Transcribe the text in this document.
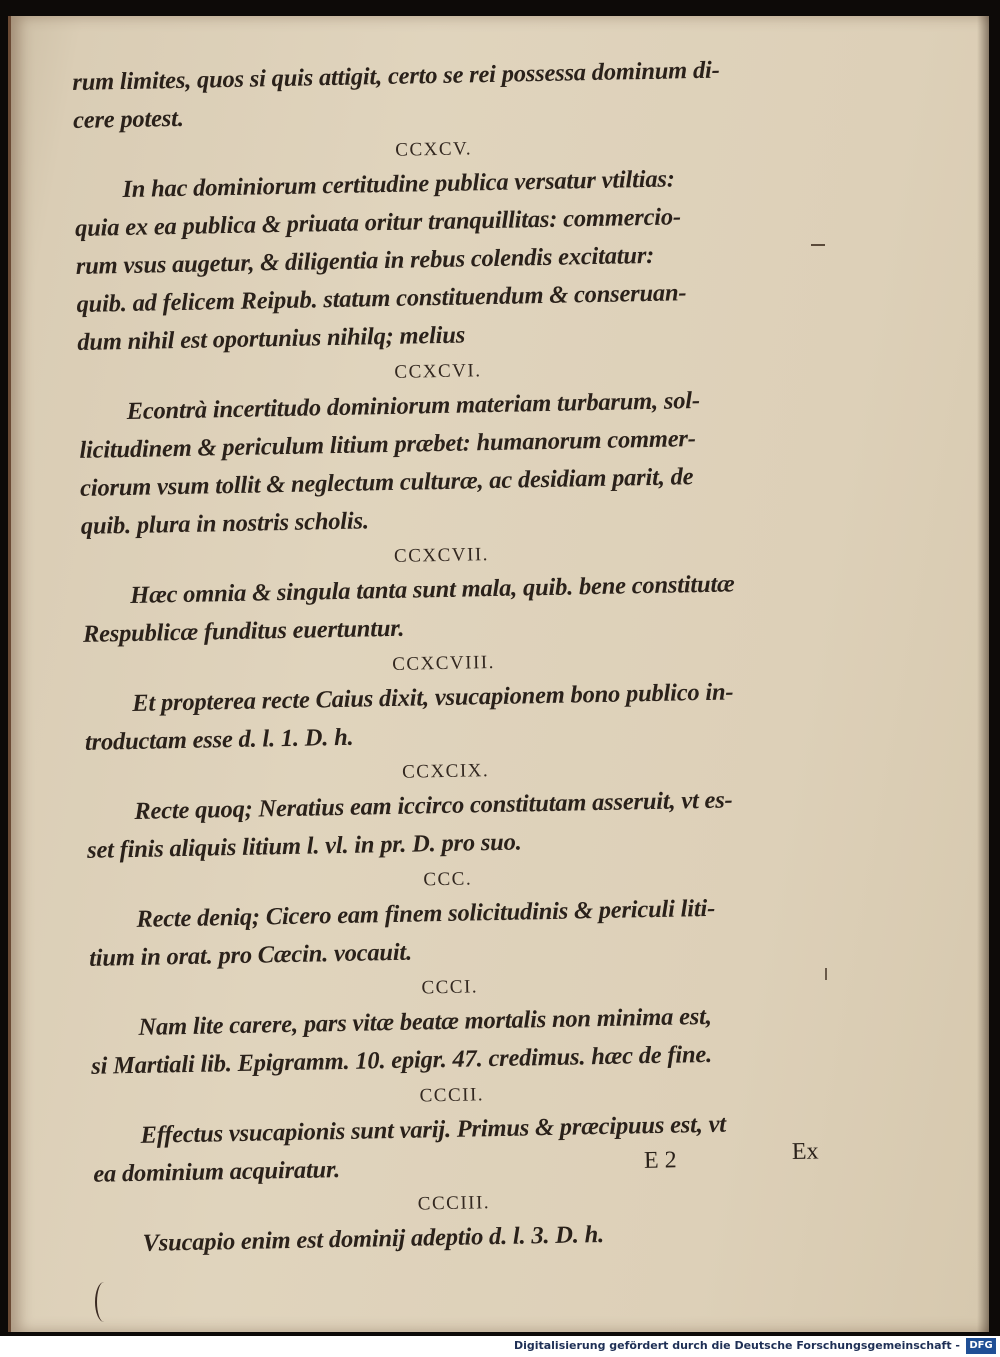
rum limites, quos si quis attigit, certo se rei possessa dominum di-
cere potest.
CCXCV.
In hac dominiorum certitudine publica versatur vtiltias:
quia ex ea publica & priuata oritur tranquillitas: commercio-
rum vsus augetur, & diligentia in rebus colendis excitatur:
quib. ad felicem Reipub. statum constituendum & conseruan-
dum nihil est oportunius nihilq; melius
CCXCVI.
Econtrà incertitudo dominiorum materiam turbarum, sol-
licitudinem & periculum litium præbet: humanorum commer-
ciorum vsum tollit & neglectum culturæ, ac desidiam parit, de
quib. plura in nostris scholis.
CCXCVII.
Hæc omnia & singula tanta sunt mala, quib. bene constitutæ
Respublicæ funditus euertuntur.
CCXCVIII.
Et propterea recte Caius dixit, vsucapionem bono publico in-
troductam esse d. l. 1. D. h.
CCXCIX.
Recte quoq; Neratius eam iccirco constitutam asseruit, vt es-
set finis aliquis litium l. vl. in pr. D. pro suo.
CCC.
Recte deniq; Cicero eam finem solicitudinis & periculi liti-
tium in orat. pro Cæcin. vocauit.
CCCI.
Nam lite carere, pars vitæ beatæ mortalis non minima est,
si Martiali lib. Epigramm. 10. epigr. 47. credimus. hæc de fine.
CCCII.
Effectus vsucapionis sunt varij. Primus & præcipuus est, vt
ea dominium acquiratur.
CCCIII.
Vsucapio enim est dominij adeptio d. l. 3. D. h.
E 2	Ex
Digitalisierung gefördert durch die Deutsche Forschungsgemeinschaft - DFG
